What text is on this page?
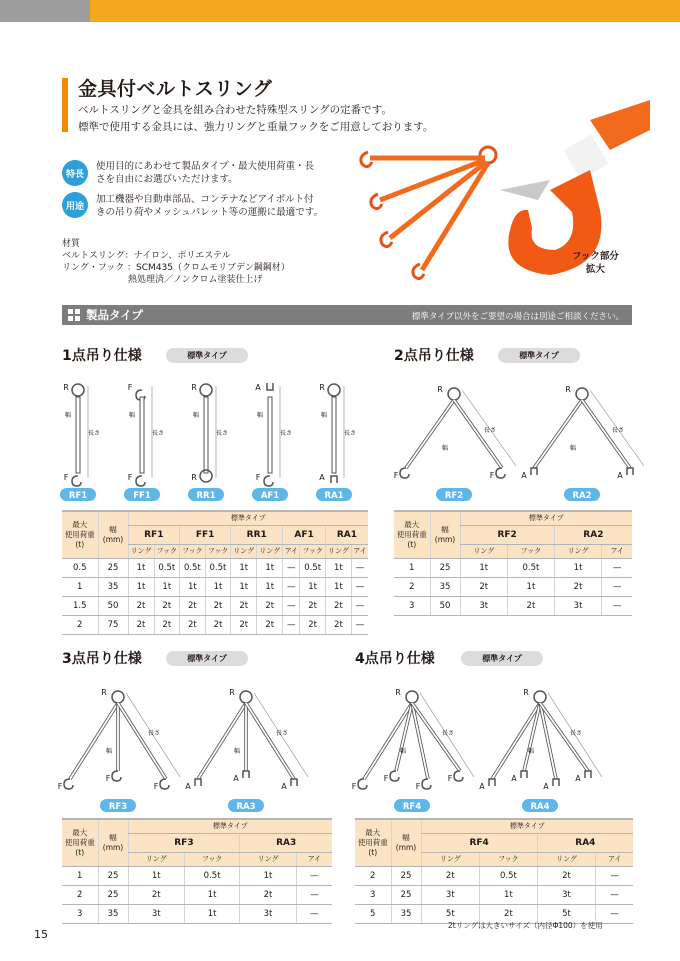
金具付ベルトスリング
ベルトスリングと金具を組み合わせた特殊型スリングの定番です。
標準で使用する金具には、強力リングと重量フックをご用意しております。
特長
使用目的にあわせて製品タイプ・最大使用荷重・長
さを自由にお選びいただけます。
用途
加工機器や自動車部品、コンテナなどアイボルト付
きの吊り荷やメッシュパレット等の運搬に最適です。
材質
ベルトスリング：ナイロン、ポリエステル
リング・フック ：SCM435（クロムモリブデン鋼鋼材）
熱処理済／ノンクロム塗装仕上げ
フック部分
拡大
製品タイプ	標準タイプ以外をご要望の場合は別途ご相談ください。
1点吊り仕様	標準タイプ
R
F
長さ
幅
RF1
F
F
長さ
幅
FF1
R
R
長さ
幅
RR1
A
F
長さ
幅
AF1
R
A
長さ
幅
RA1
最大
使用荷重
(t)	幅
(mm)	標準タイプ									
		RF1		FF1		RR1		AF1		RA1	
		リング	フック	フック	フック	リング	リング	アイ	フック	リング	アイ
0.5	25	1t	0.5t	0.5t	0.5t	1t	1t	—	0.5t	1t	—
1	35	1t	1t	1t	1t	1t	1t	—	1t	1t	—
1.5	50	2t	2t	2t	2t	2t	2t	—	2t	2t	—
2	75	2t	2t	2t	2t	2t	2t	—	2t	2t	—
2点吊り仕様	標準タイプ
R
F	F
長さ
幅
RF2
R
A	A
長さ
幅
RA2
最大
使用荷重
(t)	幅
(mm)	標準タイプ			
		RF2		RA2	
		リング	フック	リング	アイ
1	25	1t	0.5t	1t	—
2	35	2t	1t	2t	—
3	50	3t	2t	3t	—
3点吊り仕様	標準タイプ
R
F
F
F
長さ
幅
RF3
R
A
A
A
長さ
幅
RA3
最大
使用荷重
(t)	幅
(mm)	標準タイプ			
		RF3		RA3	
		リング	フック	リング	アイ
1	25	1t	0.5t	1t	—
2	25	2t	1t	2t	—
3	35	3t	1t	3t	—
4点吊り仕様	標準タイプ
R
F
F
F
F
長さ
幅
RF4
R
A
A
A
A
長さ
幅
RA4
最大
使用荷重
(t)	幅
(mm)	標準タイプ			
		RF4		RA4	
		リング	フック	リング	アイ
2	25	2t	0.5t	2t	—
3	25	3t	1t	3t	—
5	35	5t	2t	5t	—
2tリングは大きいサイズ（内径Φ100）を使用
15
